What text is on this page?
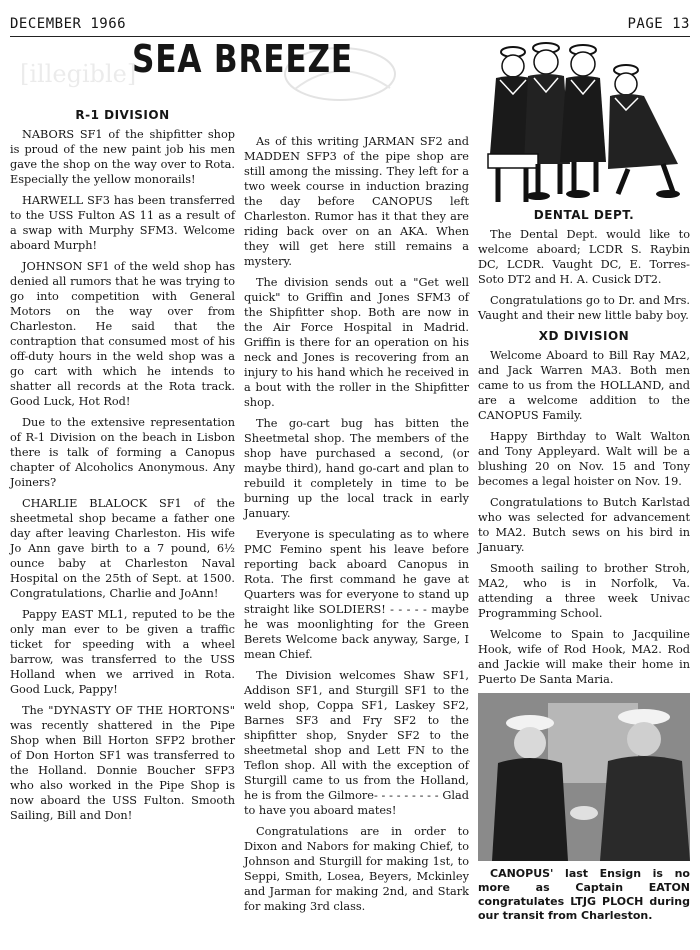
[illegible]
DECEMBER 1966	PAGE 13
SEA BREEZE
R-1 DIVISION

NABORS SF1 of the shipfitter shop is proud of the new paint job his men gave the shop on the way over to Rota. Especially the yellow monorails!

HARWELL SF3 has been transferred to the USS Fulton AS 11 as a result of a swap with Murphy SFM3. Welcome aboard Murph!

JOHNSON SF1 of the weld shop has denied all rumors that he was trying to go into competition with General Motors on the way over from Charleston. He said that the contraption that consumed most of his off-duty hours in the weld shop was a go cart with which he intends to shatter all records at the Rota track. Good Luck, Hot Rod!

Due to the extensive representation of R-1 Division on the beach in Lisbon there is talk of forming a Canopus chapter of Alcoholics Anonymous. Any Joiners?

CHARLIE BLALOCK SF1 of the sheetmetal shop became a father one day after leaving Charleston. His wife Jo Ann gave birth to a 7 pound, 6½ ounce baby at Charleston Naval Hospital on the 25th of Sept. at 1500. Congratulations, Charlie and JoAnn!

Pappy EAST ML1, reputed to be the only man ever to be given a traffic ticket for speeding with a wheel barrow, was transferred to the USS Holland when we arrived in Rota. Good Luck, Pappy!

The "DYNASTY OF THE HORTONS" was recently shattered in the Pipe Shop when Bill Horton SFP2 brother of Don Horton SF1 was transferred to the Holland. Donnie Boucher SFP3 who also worked in the Pipe Shop is now aboard the USS Fulton. Smooth Sailing, Bill and Don!

As of this writing JARMAN SF2 and MADDEN SFP3 of the pipe shop are still among the missing. They left for a two week course in induction brazing the day before CANOPUS left Charleston. Rumor has it that they are riding back over on an AKA. When they will get here still remains a mystery.

The division sends out a "Get well quick" to Griffin and Jones SFM3 of the Shipfitter shop. Both are now in the Air Force Hospital in Madrid. Griffin is there for an operation on his neck and Jones is recovering from an injury to his hand which he received in a bout with the roller in the Shipfitter shop.

The go-cart bug has bitten the Sheetmetal shop. The members of the shop have purchased a second, (or maybe third), hand go-cart and plan to rebuild it completely in time to be burning up the local track in early January.

Everyone is speculating as to where PMC Femino spent his leave before reporting back aboard Canopus in Rota. The first command he gave at Quarters was for everyone to stand up straight like SOLDIERS! - - - - - maybe he was moonlighting for the Green Berets Welcome back anyway, Sarge, I mean Chief.

The Division welcomes Shaw SF1, Addison SF1, and Sturgill SF1 to the weld shop, Coppa SF1, Laskey SF2, Barnes SF3 and Fry SF2 to the shipfitter shop, Snyder SF2 to the sheetmetal shop and Lett FN to the Teflon shop. All with the exception of Sturgill came to us from the Holland, he is from the Gilmore- - - - - - - - - Glad to have you aboard mates!

Congratulations are in order to Dixon and Nabors for making Chief, to Johnson and Sturgill for making 1st, to Seppi, Smith, Losea, Beyers, Mckinley and Jarman for making 2nd, and Stark for making 3rd class.

DENTAL DEPT.

The Dental Dept. would like to welcome aboard; LCDR S. Raybin DC, LCDR. Vaught DC, E. Torres-Soto DT2 and H. A. Cusick DT2.

Congratulations go to Dr. and Mrs. Vaught and their new little baby boy.

XD DIVISION

Welcome Aboard to Bill Ray MA2, and Jack Warren MA3. Both men came to us from the HOLLAND, and are a welcome addition to the CANOPUS Family.

Happy Birthday to Walt Walton and Tony Appleyard. Walt will be a blushing 20 on Nov. 15 and Tony becomes a legal hoister on Nov. 19.

Congratulations to Butch Karlstad who was selected for advancement to MA2. Butch sews on his bird in January.

Smooth sailing to brother Stroh, MA2, who is in Norfolk, Va. attending a three week Univac Programming School.

Welcome to Spain to Jacquiline Hook, wife of Rod Hook, MA2. Rod and Jackie will make their home in Puerto De Santa Maria.

CANOPUS' last Ensign is no more as Captain EATON congratulates LTJG PLOCH during our transit from Charleston.
